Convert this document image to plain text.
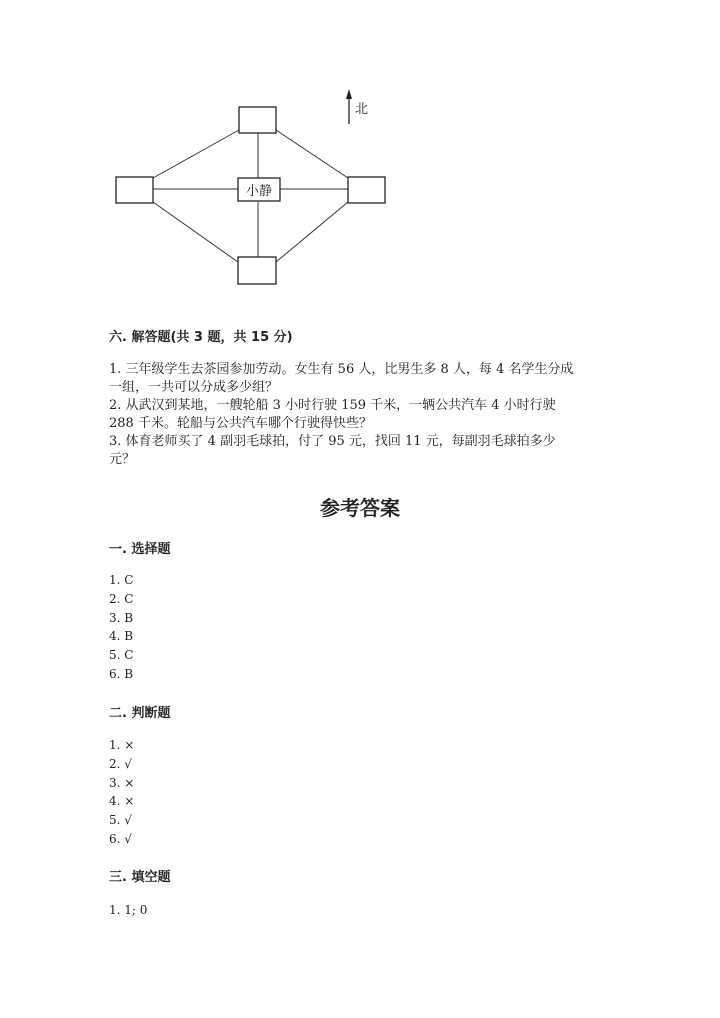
小静
北
六. 解答题(共 3 题，共 15 分)
1. 三年级学生去茶园参加劳动。女生有 56 人，比男生多 8 人，每 4 名学生分成
一组，一共可以分成多少组？
2. 从武汉到某地，一艘轮船 3 小时行驶 159 千米，一辆公共汽车 4 小时行驶
288 千米。轮船与公共汽车哪个行驶得快些？
3. 体育老师买了 4 副羽毛球拍，付了 95 元，找回 11 元，每副羽毛球拍多少
元？
参考答案
一. 选择题
1. C
2. C
3. B
4. B
5. C
6. B
二. 判断题
1. ×
2. √
3. ×
4. ×
5. √
6. √
三. 填空题
1. 1; 0
